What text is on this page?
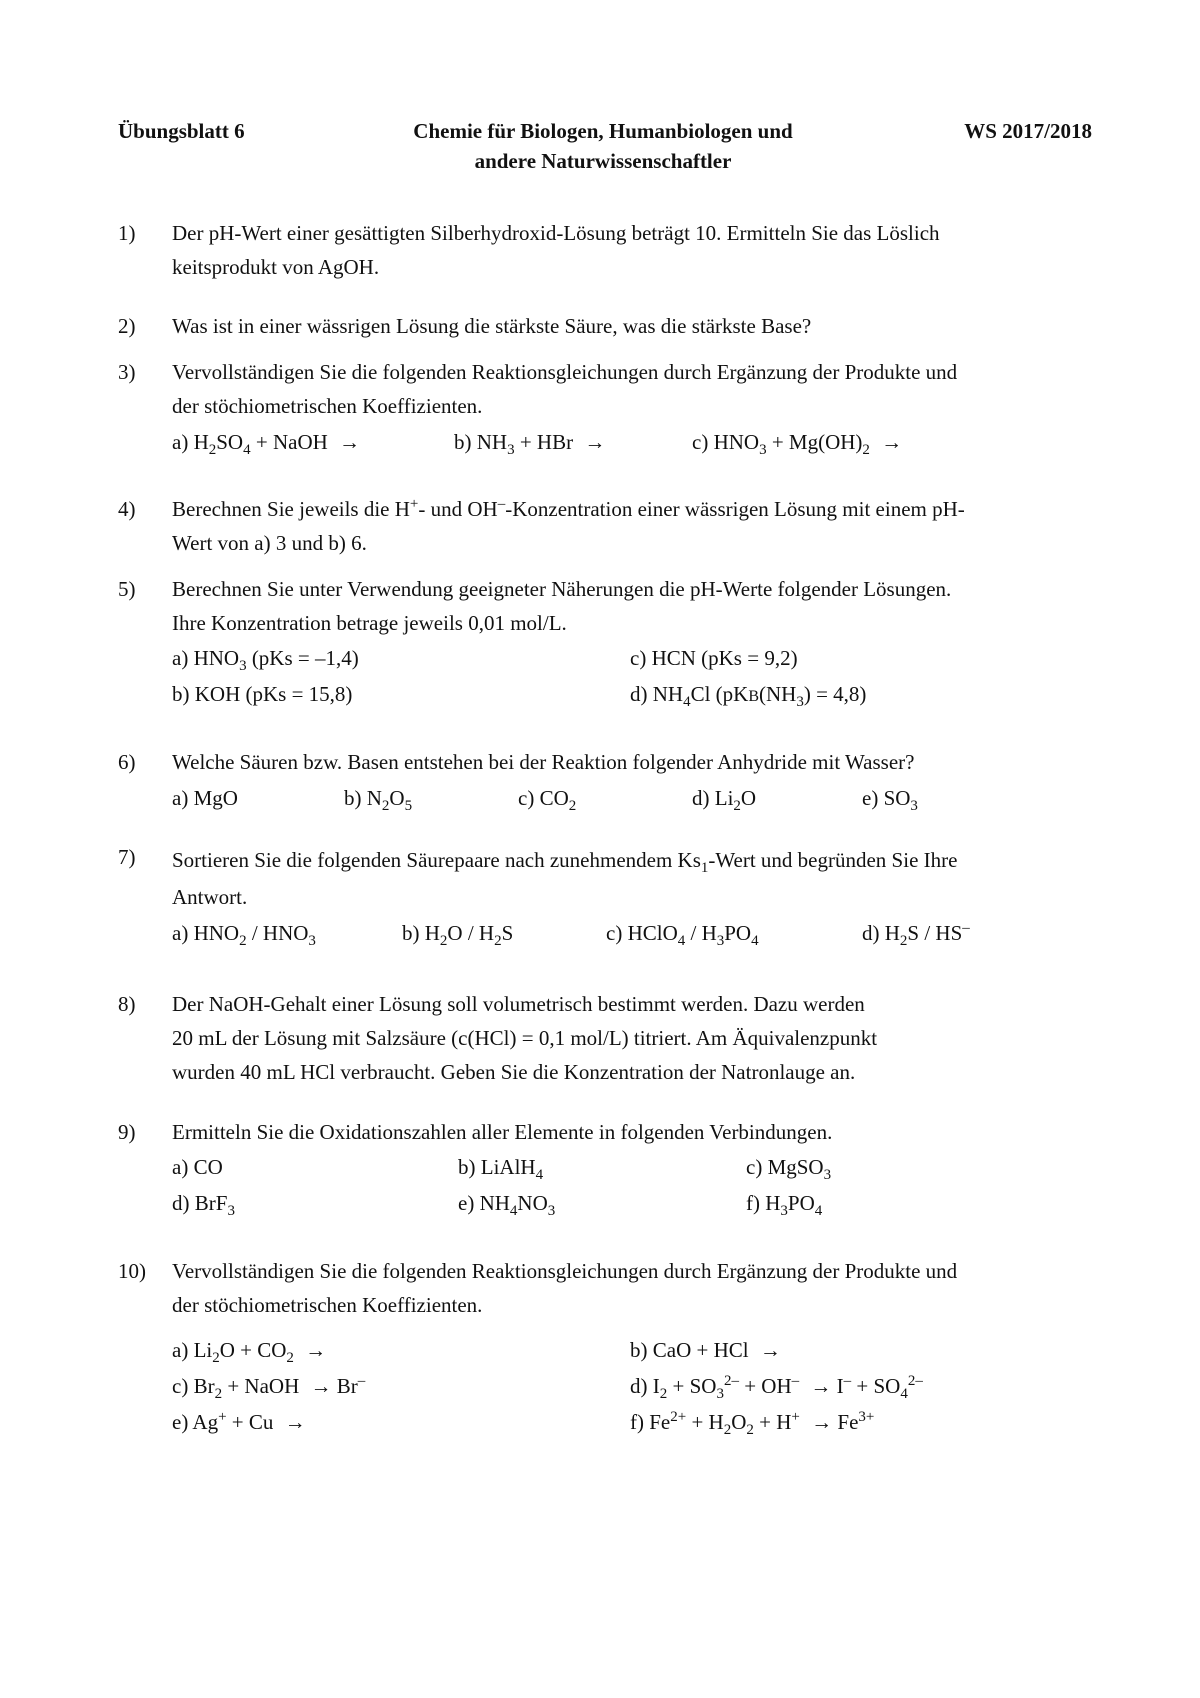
Übungsblatt 6	Chemie für Biologen, Humanbiologen und
andere Naturwissenschaftler
WS 2017/2018
1) Der pH-Wert einer gesättigten Silberhydroxid-Lösung beträgt 10. Ermitteln Sie das Löslich
keitsprodukt von AgOH.
2) Was ist in einer wässrigen Lösung die stärkste Säure, was die stärkste Base?
3) Vervollständigen Sie die folgenden Reaktionsgleichungen durch Ergänzung der Produkte und
der stöchiometrischen Koeffizienten.
a) $H_2SO_4$ + NaOH →	b) $NH_3$ + HBr →	c) $HNO_3 + Mg(OH)_2$ →
4) Berechnen Sie jeweils die H+- und OH–-Konzentration einer wässrigen Lösung mit einem pH-
Wert von a) 3 und b) 6.
5) Berechnen Sie unter Verwendung geeigneter Näherungen die pH-Werte folgender Lösungen.
Ihre Konzentration betrage jeweils 0,01 mol/L.
a) $HNO_3$ (pKs = –1,4)	c) HCN (pKs = 9,2)
b) KOH (pKs = 15,8)	d) $NH_4Cl$ $(pKB(NH_3) = 4,8)$
6) Welche Säuren bzw. Basen entstehen bei der Reaktion folgender Anhydride mit Wasser?
a) MgO	b) $N_2O_5$	c) $CO_2$	d) $Li_2O$	e) $SO_3$
7) Sortieren Sie die folgenden Säurepaare nach zunehmendem $Ks_1$-Wert und begründen Sie Ihre
Antwort.
a) $HNO_2 / HNO_3$	b) $H_2O / H_2S$	c) HClO$_4$ / $H_3PO_4$	d) $H_2S / HS^-$
8) Der NaOH-Gehalt einer Lösung soll volumetrisch bestimmt werden. Dazu werden
20 mL der Lösung mit Salzsäure (c(HCl) = 0,1 mol/L) titriert. Am Äquivalenzpunkt
wurden 40 mL HCl verbraucht. Geben Sie die Konzentration der Natronlauge an.
9) Ermitteln Sie die Oxidationszahlen aller Elemente in folgenden Verbindungen.
a) CO	b) LiAlH$_4$	c) MgSO$_3$
d) BrF$_3$	e) $NH_4NO_3$	f) $H_3PO_4$
10) Vervollständigen Sie die folgenden Reaktionsgleichungen durch Ergänzung der Produkte und
der stöchiometrischen Koeffizienten.
a) $Li_2O + CO_2$ →	b) CaO + HCl →
c) $Br_2$ + NaOH → Br–	d) $I_2 + SO_3^{2-} + OH^- \to I^- + SO_4^{2-}$
e) Ag+ + Cu →	f) $Fe^{2+} + H_2O_2 + H^+ \to Fe^{3+}$
